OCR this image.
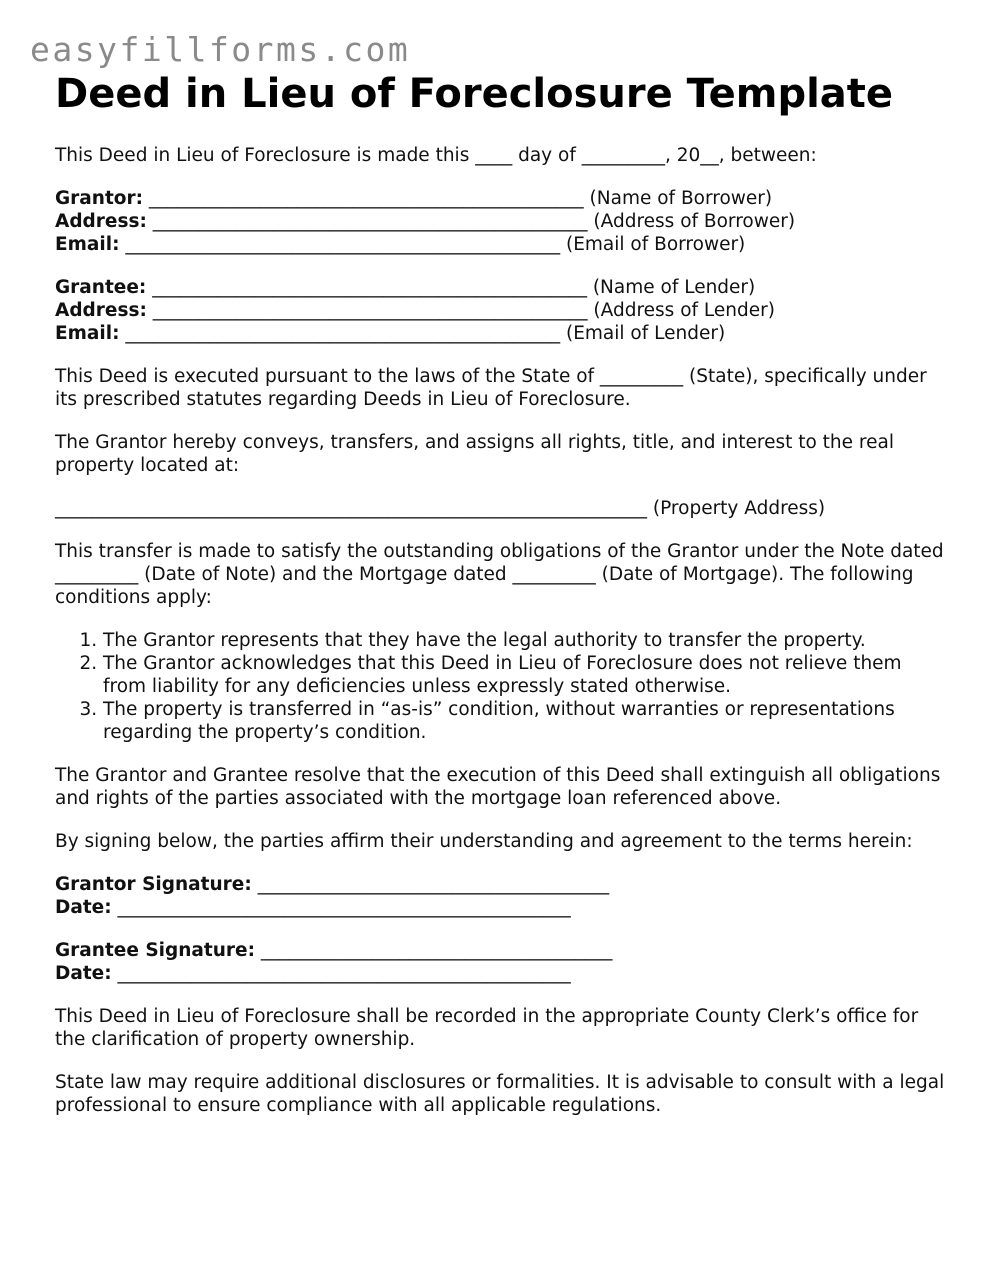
easyfillforms.com
Deed in Lieu of Foreclosure Template

This Deed in Lieu of Foreclosure is made this ____ day of _________, 20__, between:

Grantor: _______________________________________________ (Name of Borrower)
Address: _______________________________________________ (Address of Borrower)
Email: _______________________________________________ (Email of Borrower)
Grantee: _______________________________________________ (Name of Lender)
Address: _______________________________________________ (Address of Lender)
Email: _______________________________________________ (Email of Lender)

This Deed is executed pursuant to the laws of the State of _________ (State), specifically under its prescribed statutes regarding Deeds in Lieu of Foreclosure.

The Grantor hereby conveys, transfers, and assigns all rights, title, and interest to the real property located at:

________________________________________________________________ (Property Address)

This transfer is made to satisfy the outstanding obligations of the Grantor under the Note dated _________ (Date of Note) and the Mortgage dated _________ (Date of Mortgage). The following conditions apply:

1. The Grantor represents that they have the legal authority to transfer the property.
2. The Grantor acknowledges that this Deed in Lieu of Foreclosure does not relieve them from liability for any deficiencies unless expressly stated otherwise.
3. The property is transferred in “as-is” condition, without warranties or representations regarding the property’s condition.

The Grantor and Grantee resolve that the execution of this Deed shall extinguish all obligations and rights of the parties associated with the mortgage loan referenced above.

By signing below, the parties affirm their understanding and agreement to the terms herein:

Grantor Signature: ______________________________________
Date: _________________________________________________
Grantee Signature: ______________________________________
Date: _________________________________________________

This Deed in Lieu of Foreclosure shall be recorded in the appropriate County Clerk’s office for the clarification of property ownership.

State law may require additional disclosures or formalities. It is advisable to consult with a legal professional to ensure compliance with all applicable regulations.
